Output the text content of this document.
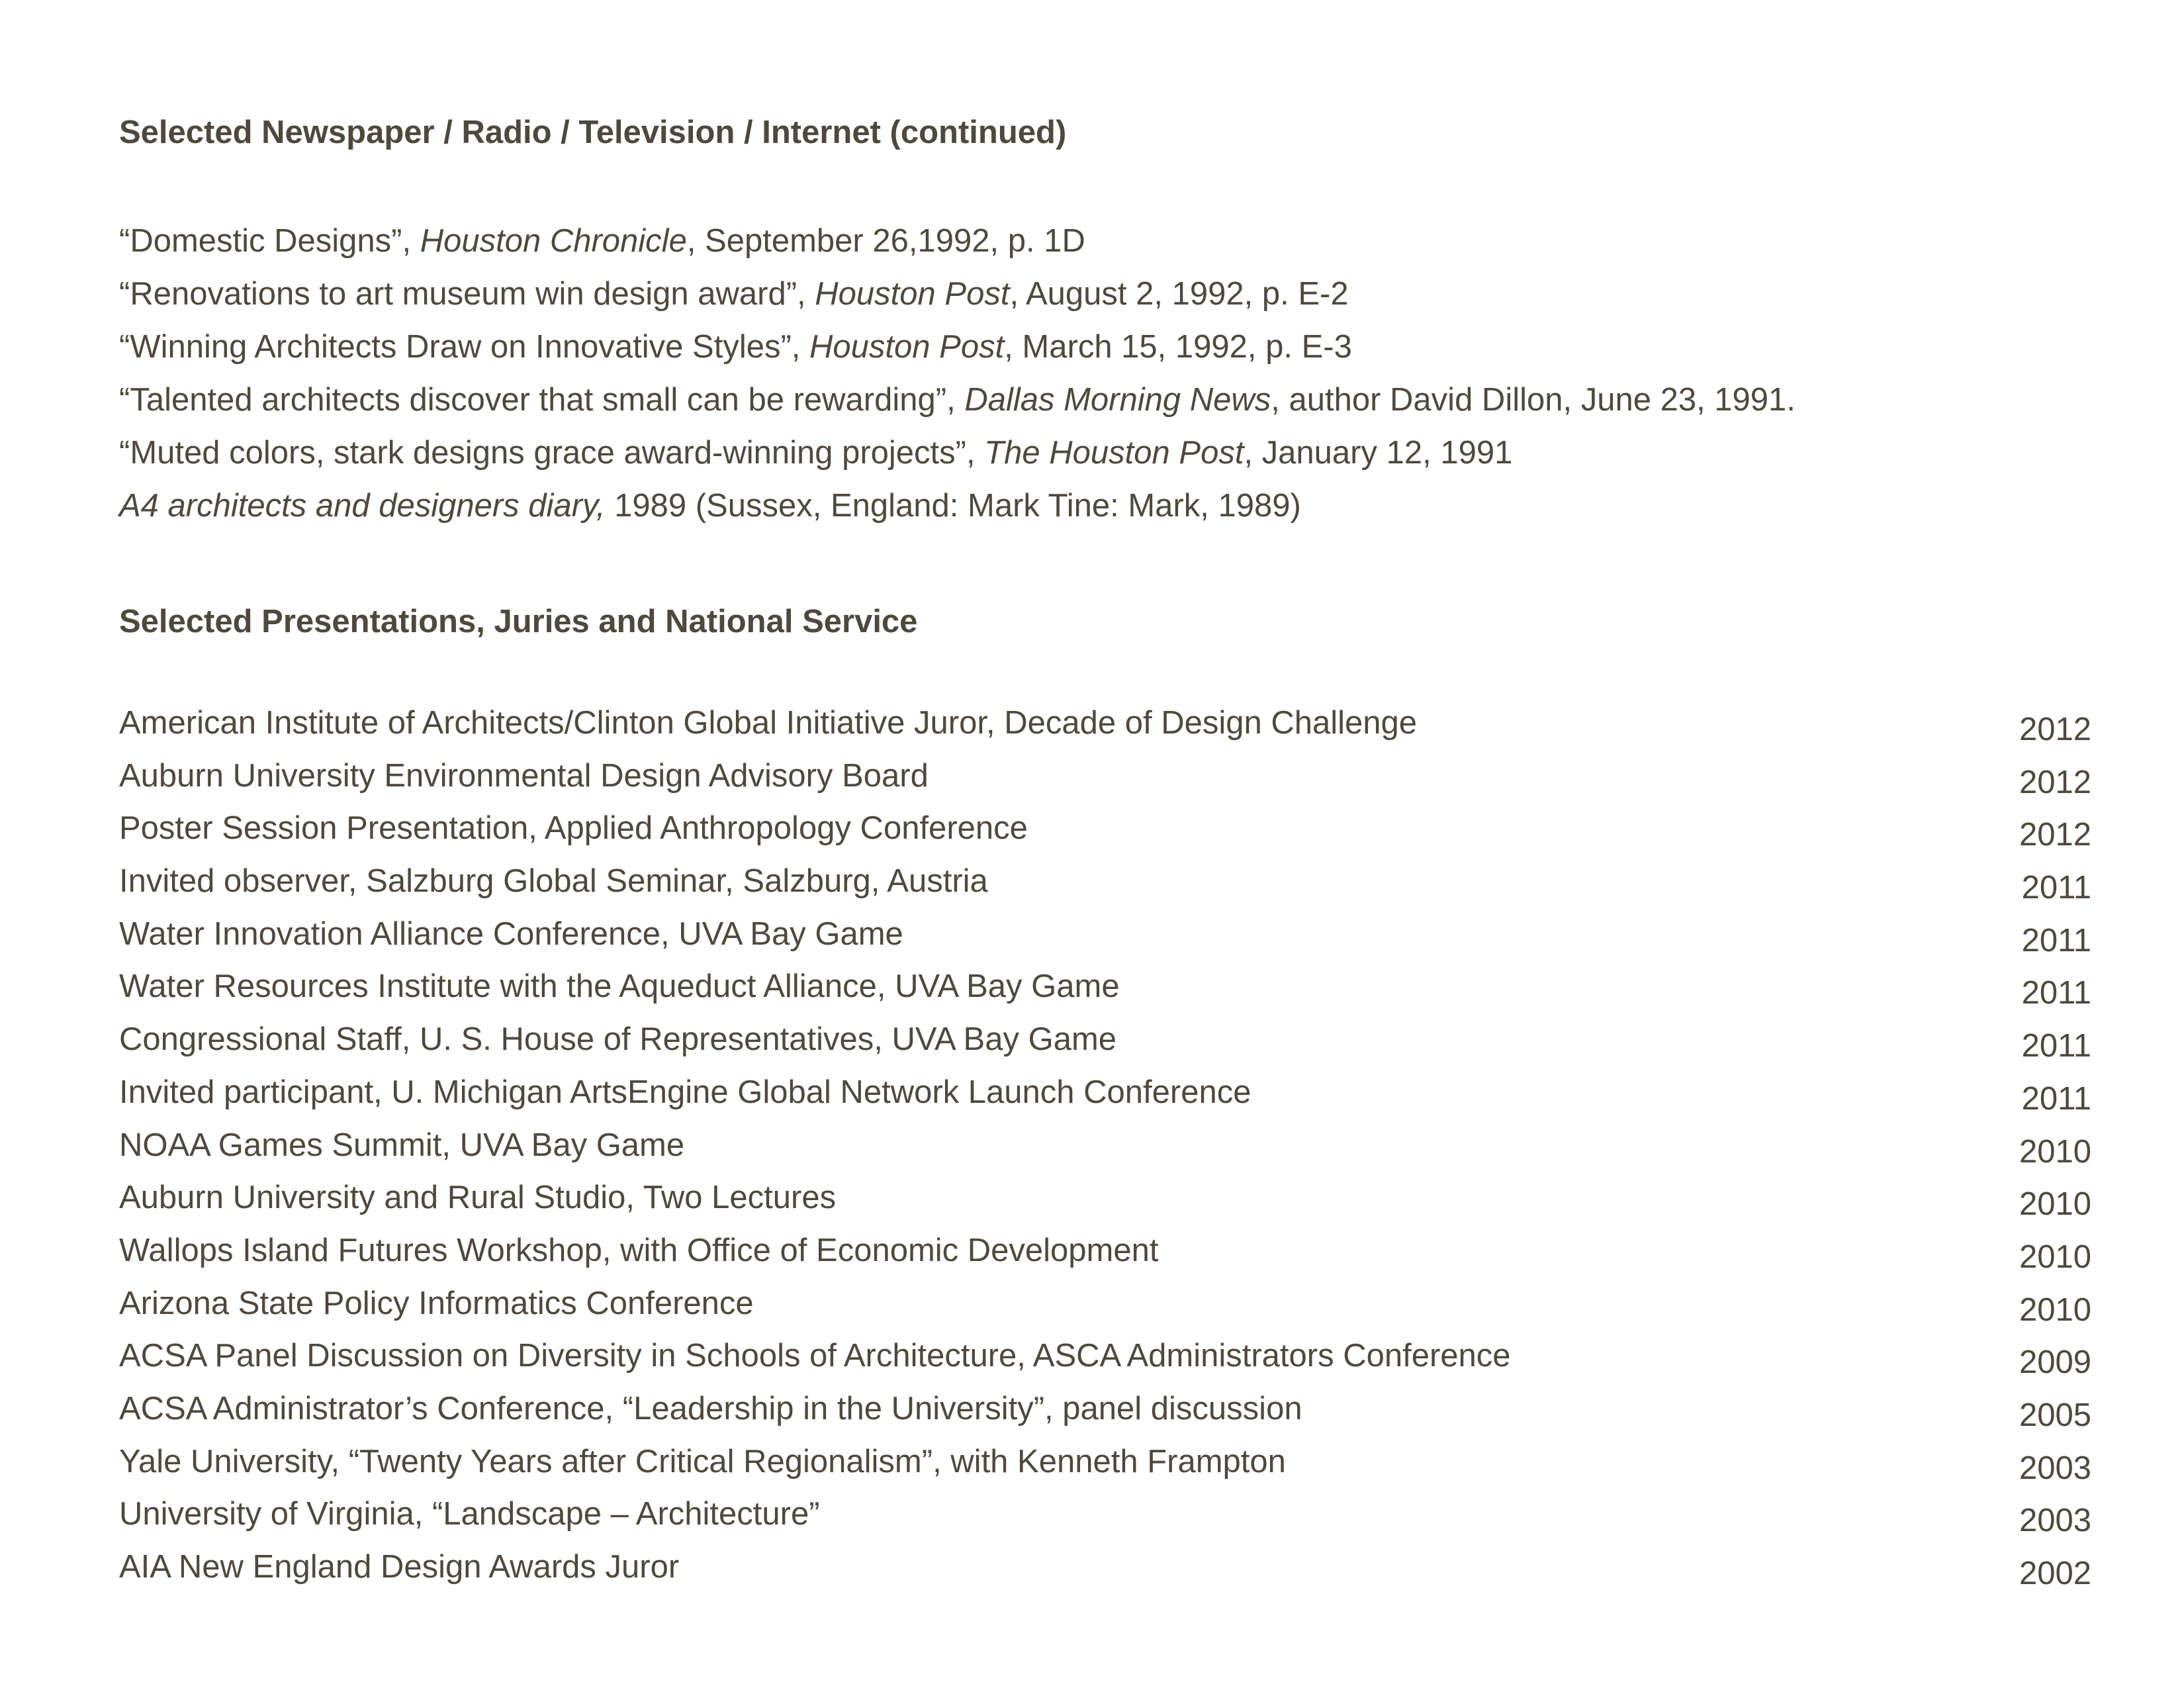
Selected Newspaper / Radio / Television / Internet (continued)
“Domestic Designs”, Houston Chronicle, September 26,1992, p. 1D
“Renovations to art museum win design award”, Houston Post, August 2, 1992, p. E-2
“Winning Architects Draw on Innovative Styles”, Houston Post, March 15, 1992, p. E-3
“Talented architects discover that small can be rewarding”, Dallas Morning News, author David Dillon, June 23, 1991.
“Muted colors, stark designs grace award-winning projects”, The Houston Post, January 12, 1991
A4 architects and designers diary, 1989 (Sussex, England: Mark Tine: Mark, 1989)
Selected Presentations, Juries and National Service
American Institute of Architects/Clinton Global Initiative Juror, Decade of Design Challenge	2012
Auburn University Environmental Design Advisory Board	2012
Poster Session Presentation, Applied Anthropology Conference	2012
Invited observer, Salzburg Global Seminar, Salzburg, Austria	2011
Water Innovation Alliance Conference, UVA Bay Game	2011
Water Resources Institute with the Aqueduct Alliance, UVA Bay Game	2011
Congressional Staff, U. S. House of Representatives, UVA Bay Game	2011
Invited participant, U. Michigan ArtsEngine Global Network Launch Conference	2011
NOAA Games Summit, UVA Bay Game	2010
Auburn University and Rural Studio, Two Lectures	2010
Wallops Island Futures Workshop, with Office of Economic Development	2010
Arizona State Policy Informatics Conference	2010
ACSA Panel Discussion on Diversity in Schools of Architecture, ASCA Administrators Conference	2009
ACSA Administrator’s Conference, “Leadership in the University”, panel discussion	2005
Yale University, “Twenty Years after Critical Regionalism”, with Kenneth Frampton	2003
University of Virginia, “Landscape – Architecture”	2003
AIA New England Design Awards Juror	2002
